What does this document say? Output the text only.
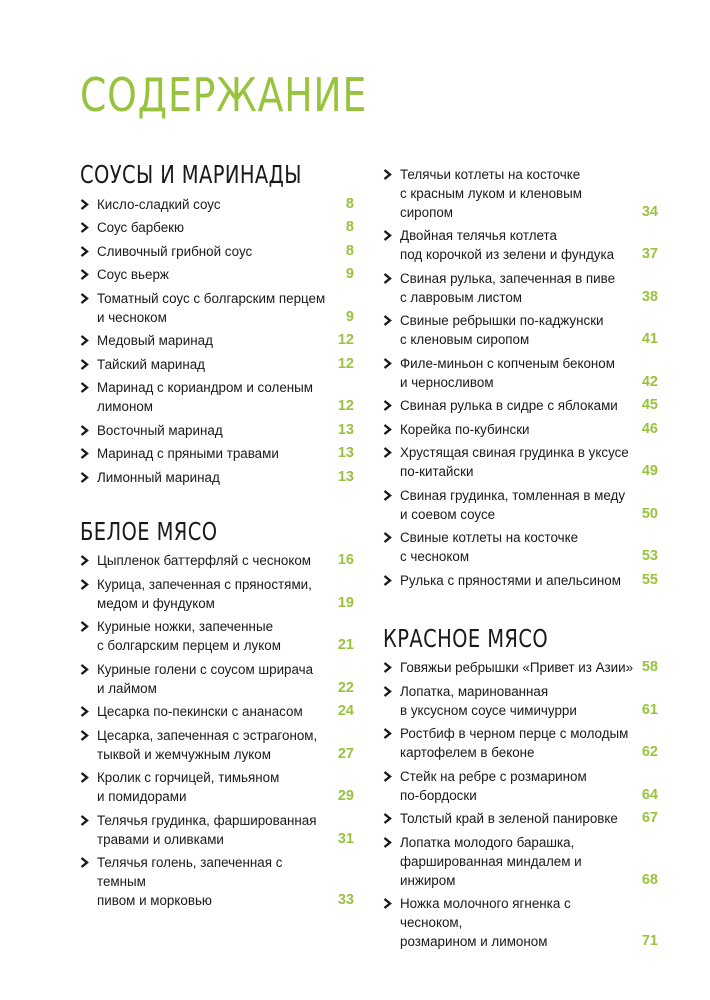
СОДЕРЖАНИЕ
СОУСЫ И МАРИНАДЫ
Кисло-сладкий соус	8
Соус барбекю	8
Сливочный грибной соус	8
Соус вьерж	9
Томатный соус с болгарским перцем
и чесноком	9
Медовый маринад	12
Тайский маринад	12
Маринад с кориандром и соленым
лимоном	12
Восточный маринад	13
Маринад с пряными травами	13
Лимонный маринад	13
БЕЛОЕ МЯСО
Цыпленок баттерфляй с чесноком	16
Курица, запеченная с пряностями,
медом и фундуком	19
Куриные ножки, запеченные
с болгарским перцем и луком	21
Куриные голени с соусом шрирача
и лаймом	22
Цесарка по-пекински с ананасом	24
Цесарка, запеченная с эстрагоном,
тыквой и жемчужным луком	27
Кролик с горчицей, тимьяном
и помидорами	29
Телячья грудинка, фаршированная
травами и оливками	31
Телячья голень, запеченная с темным
пивом и морковью	33
Телячьи котлеты на косточке
с красным луком и кленовым сиропом	34
Двойная телячья котлета
под корочкой из зелени и фундука	37
Свиная рулька, запеченная в пиве
с лавровым листом	38
Свиные ребрышки по-каджунски
с кленовым сиропом	41
Филе-миньон с копченым беконом
и черносливом	42
Свиная рулька в сидре с яблоками	45
Корейка по-кубински	46
Хрустящая свиная грудинка в уксусе
по-китайски	49
Свиная грудинка, томленная в меду
и соевом соусе	50
Свиные котлеты на косточке
с чесноком	53
Рулька с пряностями и апельсином	55
КРАСНОЕ МЯСО
Говяжьи ребрышки «Привет из Азии» 58
Лопатка, маринованная
в уксусном соусе чимичурри	61
Ростбиф в черном перце с молодым
картофелем в беконе	62
Стейк на ребре с розмарином
по-бордоски	64
Толстый край в зеленой панировке	67
Лопатка молодого барашка,
фаршированная миндалем и инжиром	68
Ножка молочного ягненка с чесноком,
розмарином и лимоном	71
